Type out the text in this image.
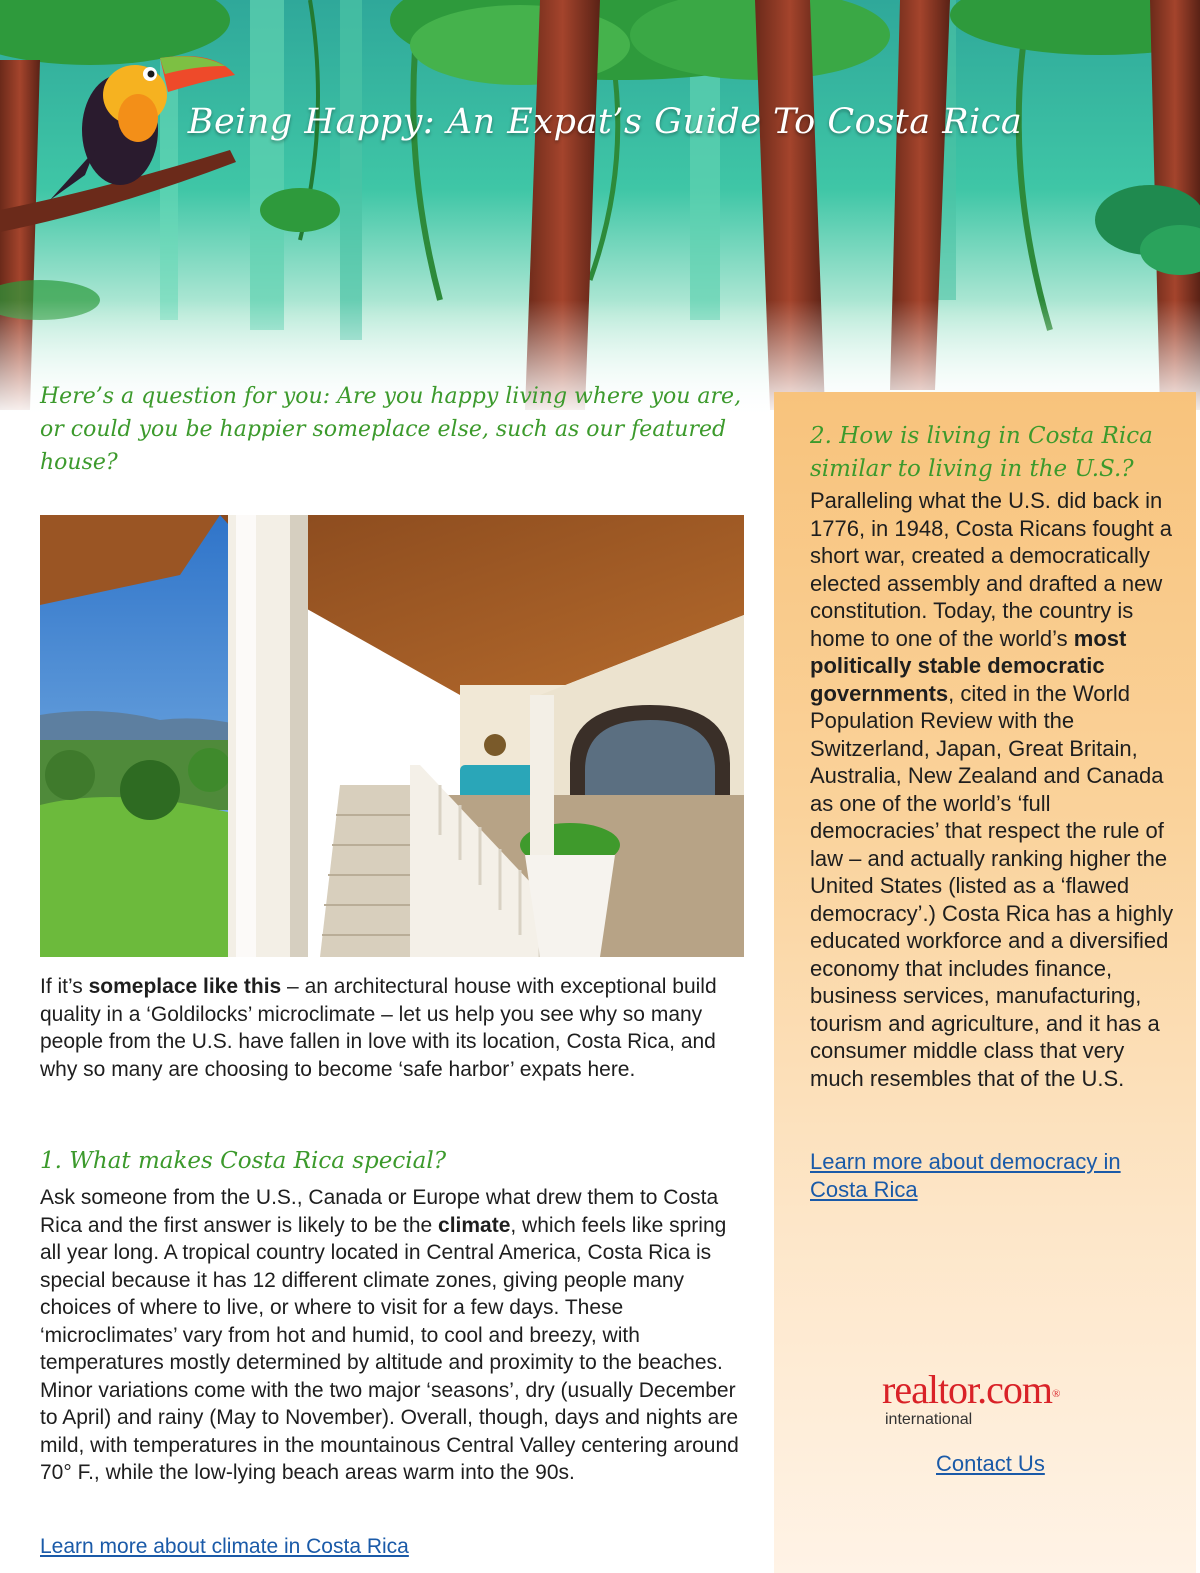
Being Happy: An Expat’s Guide To Costa Rica
Here’s a question for you: Are you happy living where you are, or could you be happier someplace else, such as our featured house?
If it’s someplace like this – an architectural house with exceptional build quality in a ‘Goldilocks’ microclimate – let us help you see why so many people from the U.S. have fallen in love with its location, Costa Rica, and why so many are choosing to become ‘safe harbor’ expats here.
1. What makes Costa Rica special?
Ask someone from the U.S., Canada or Europe what drew them to Costa Rica and the first answer is likely to be the climate, which feels like spring all year long. A tropical country located in Central America, Costa Rica is special because it has 12 different climate zones, giving people many choices of where to live, or where to visit for a few days. These ‘microclimates’ vary from hot and humid, to cool and breezy, with temperatures mostly determined by altitude and proximity to the beaches. Minor variations come with the two major ‘seasons’, dry (usually December to April) and rainy (May to November). Overall, though, days and nights are mild, with temperatures in the mountainous Central Valley centering around 70° F., while the low-lying beach areas warm into the 90s.
Learn more about climate in Costa Rica
2. How is living in Costa Rica similar to living in the U.S.?
Paralleling what the U.S. did back in 1776, in 1948, Costa Ricans fought a short war, created a democratically elected assembly and drafted a new constitution. Today, the country is home to one of the world’s most politically stable democratic governments, cited in the World Population Review with the Switzerland, Japan, Great Britain, Australia, New Zealand and Canada as one of the world’s ‘full democracies’ that respect the rule of law – and actually ranking higher the United States (listed as a ‘flawed democracy’.) Costa Rica has a highly educated workforce and a diversified economy that includes finance, business services, manufacturing, tourism and agriculture, and it has a consumer middle class that very much resembles that of the U.S.
Learn more about democracy in Costa Rica
realtor.com®
international
Contact Us
